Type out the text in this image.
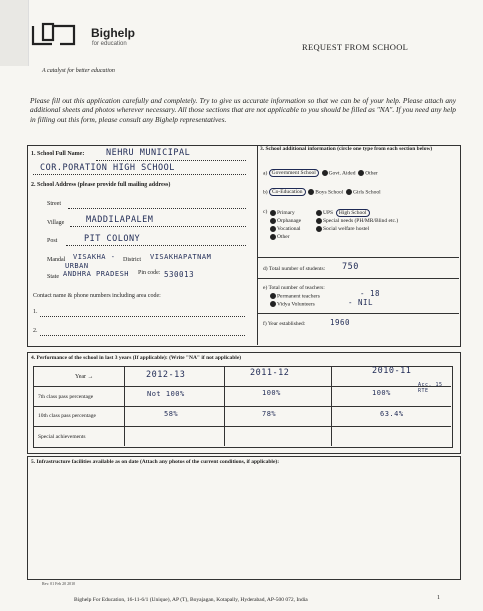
Bighelp
for education	REQUEST FROM SCHOOL
A catalyst for better education
Please fill out this application carefully and completely. Try to give us accurate information so that we can be of your help. Please attach any additional sheets and photos wherever necessary. All those sections that are not applicable to you should be filled as "NA". If you need any help in filling out this form, please consult any Bighelp representatives.
1. School Full Name:	NEHRU MUNICIPAL
COR.PORATION HIGH SCHOOL
2. School Address (please provide full mailing address)
Street
Village	MADDILAPALEM
Post	PIT COLONY
Mandal VISAKHA - District VISAKHAPATNAM
URBAN
State ANDHRA PRADESH Pin code: 530013
Contact name & phone numbers including area code:
1.
2.
3. School additional information (circle one type from each section below)
a) Government School Govt. Aided Other
b) Co-Education Boys School Girls School
c)	Primary
Orphanage
Vocational
Other
UPS High School
Special needs (PH/MR/Blind etc.)
Social welfare hostel
d) Total number of students: 750
e) Total number of teachers:
Permanent teachers	- 18
Vidya Volunteers	- NIL
f) Year established:	1960
4. Performance of the school in last 3 years (If applicable): (Write "NA" if not applicable)
Year →	2012-13	2011-12	2010-11
7th class pass percentage	Not 100%	100%	100%
Acc. 15 RTE
10th class pass percentage	58%	78%	63.4%
Special achievements
5. Infrastructure facilities available as on date (Attach any photos of the current conditions, if applicable):
Rev. 01 Feb 20 2010
Bighelp For Education, 16-11-6/1 (Unique), AP (T), Boyajagan, Kotapally, Hyderabad, AP-500 072, India	1
